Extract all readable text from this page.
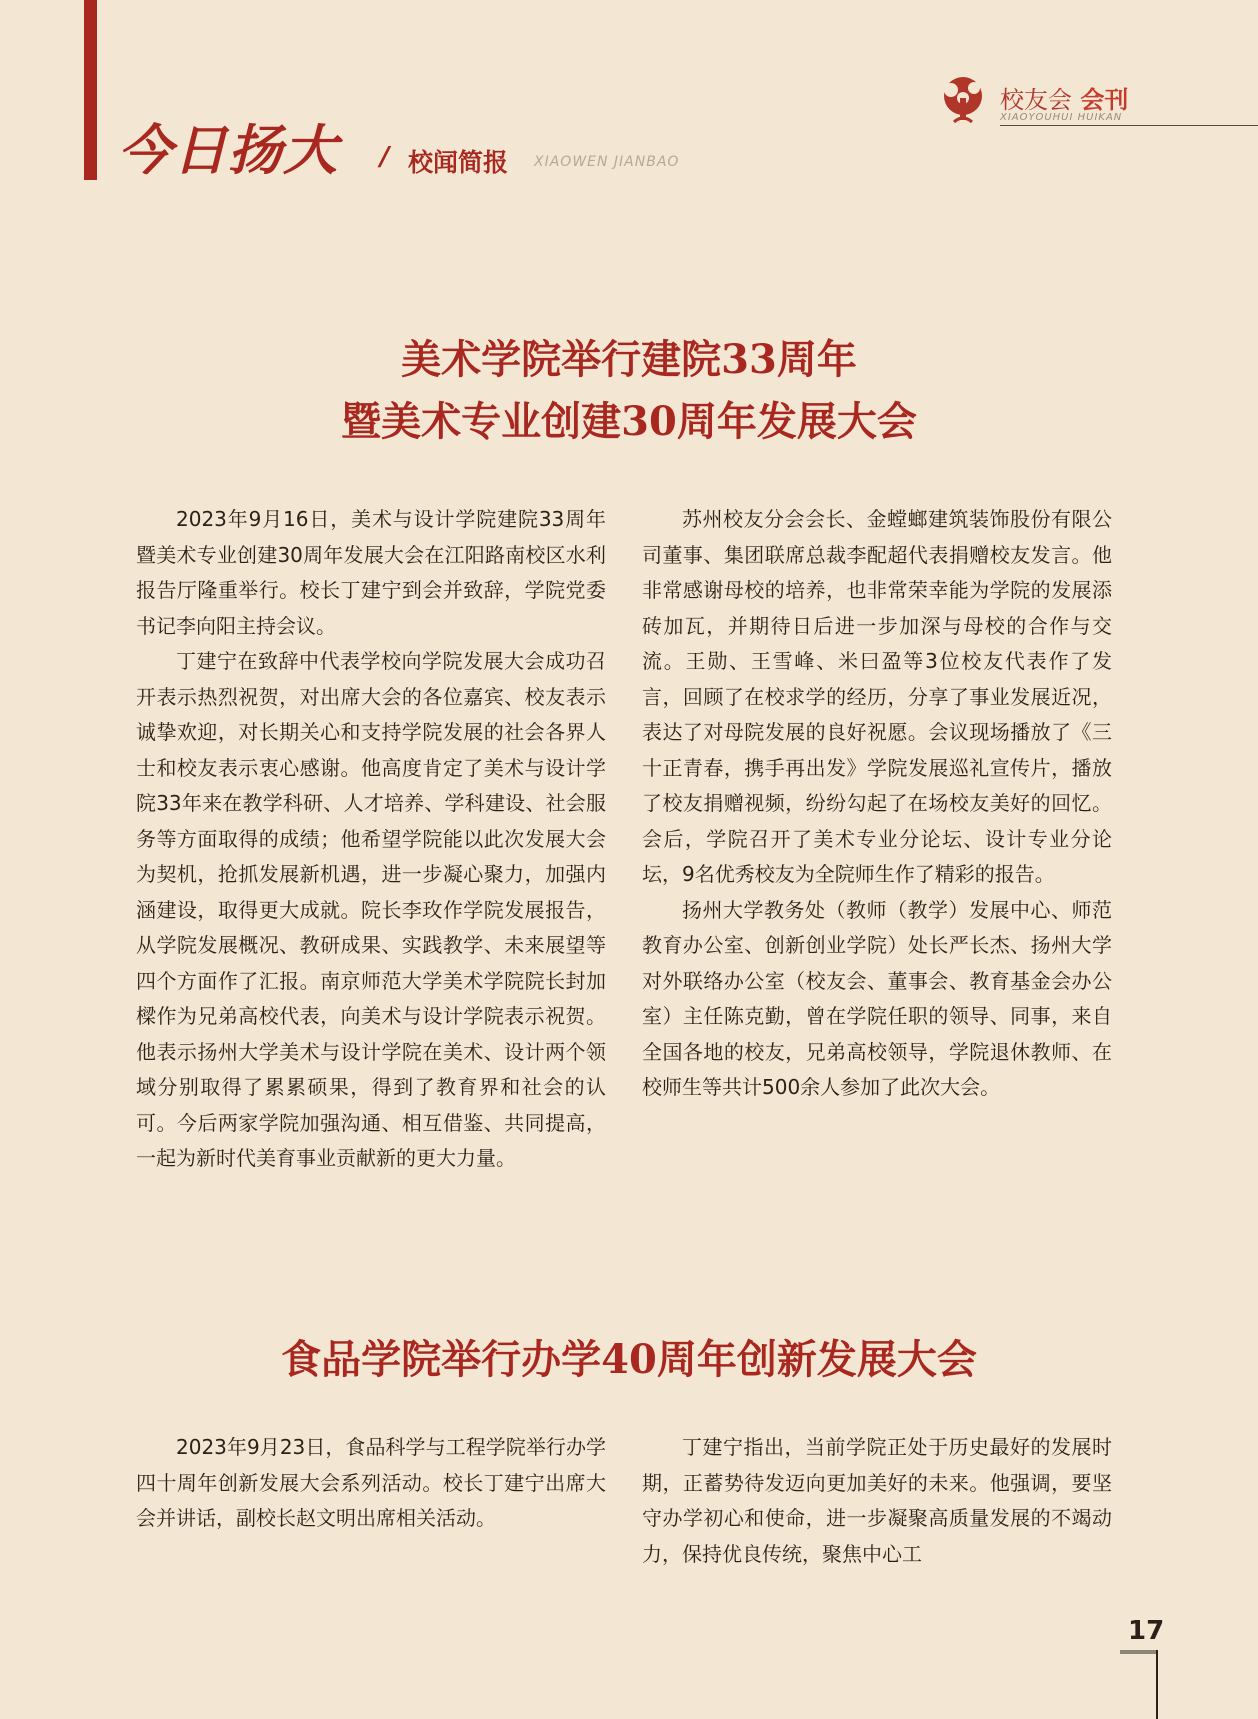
今日扬大 / 校闻简报 XIAOWEN JIANBAO
校友会 会刊
XIAOYOUHUI HUIKAN
美术学院举行建院33周年
暨美术专业创建30周年发展大会

2023年9月16日，美术与设计学院建院33周年暨美术专业创建30周年发展大会在江阳路南校区水利报告厅隆重举行。校长丁建宁到会并致辞，学院党委书记李向阳主持会议。

丁建宁在致辞中代表学校向学院发展大会成功召开表示热烈祝贺，对出席大会的各位嘉宾、校友表示诚挚欢迎，对长期关心和支持学院发展的社会各界人士和校友表示衷心感谢。他高度肯定了美术与设计学院33年来在教学科研、人才培养、学科建设、社会服务等方面取得的成绩；他希望学院能以此次发展大会为契机，抢抓发展新机遇，进一步凝心聚力，加强内涵建设，取得更大成就。院长李玫作学院发展报告，从学院发展概况、教研成果、实践教学、未来展望等四个方面作了汇报。南京师范大学美术学院院长封加樑作为兄弟高校代表，向美术与设计学院表示祝贺。他表示扬州大学美术与设计学院在美术、设计两个领域分别取得了累累硕果，得到了教育界和社会的认可。今后两家学院加强沟通、相互借鉴、共同提高，一起为新时代美育事业贡献新的更大力量。

苏州校友分会会长、金螳螂建筑装饰股份有限公司董事、集团联席总裁李配超代表捐赠校友发言。他非常感谢母校的培养，也非常荣幸能为学院的发展添砖加瓦，并期待日后进一步加深与母校的合作与交流。王勋、王雪峰、米曰盈等3位校友代表作了发言，回顾了在校求学的经历，分享了事业发展近况，表达了对母院发展的良好祝愿。会议现场播放了《三十正青春，携手再出发》学院发展巡礼宣传片，播放了校友捐赠视频，纷纷勾起了在场校友美好的回忆。会后，学院召开了美术专业分论坛、设计专业分论坛，9名优秀校友为全院师生作了精彩的报告。

扬州大学教务处（教师（教学）发展中心、师范教育办公室、创新创业学院）处长严长杰、扬州大学对外联络办公室（校友会、董事会、教育基金会办公室）主任陈克勤，曾在学院任职的领导、同事，来自全国各地的校友，兄弟高校领导，学院退休教师、在校师生等共计500余人参加了此次大会。

食品学院举行办学40周年创新发展大会

2023年9月23日，食品科学与工程学院举行办学四十周年创新发展大会系列活动。校长丁建宁出席大会并讲话，副校长赵文明出席相关活动。

丁建宁指出，当前学院正处于历史最好的发展时期，正蓄势待发迈向更加美好的未来。他强调，要坚守办学初心和使命，进一步凝聚高质量发展的不竭动力，保持优良传统，聚焦中心工

17
